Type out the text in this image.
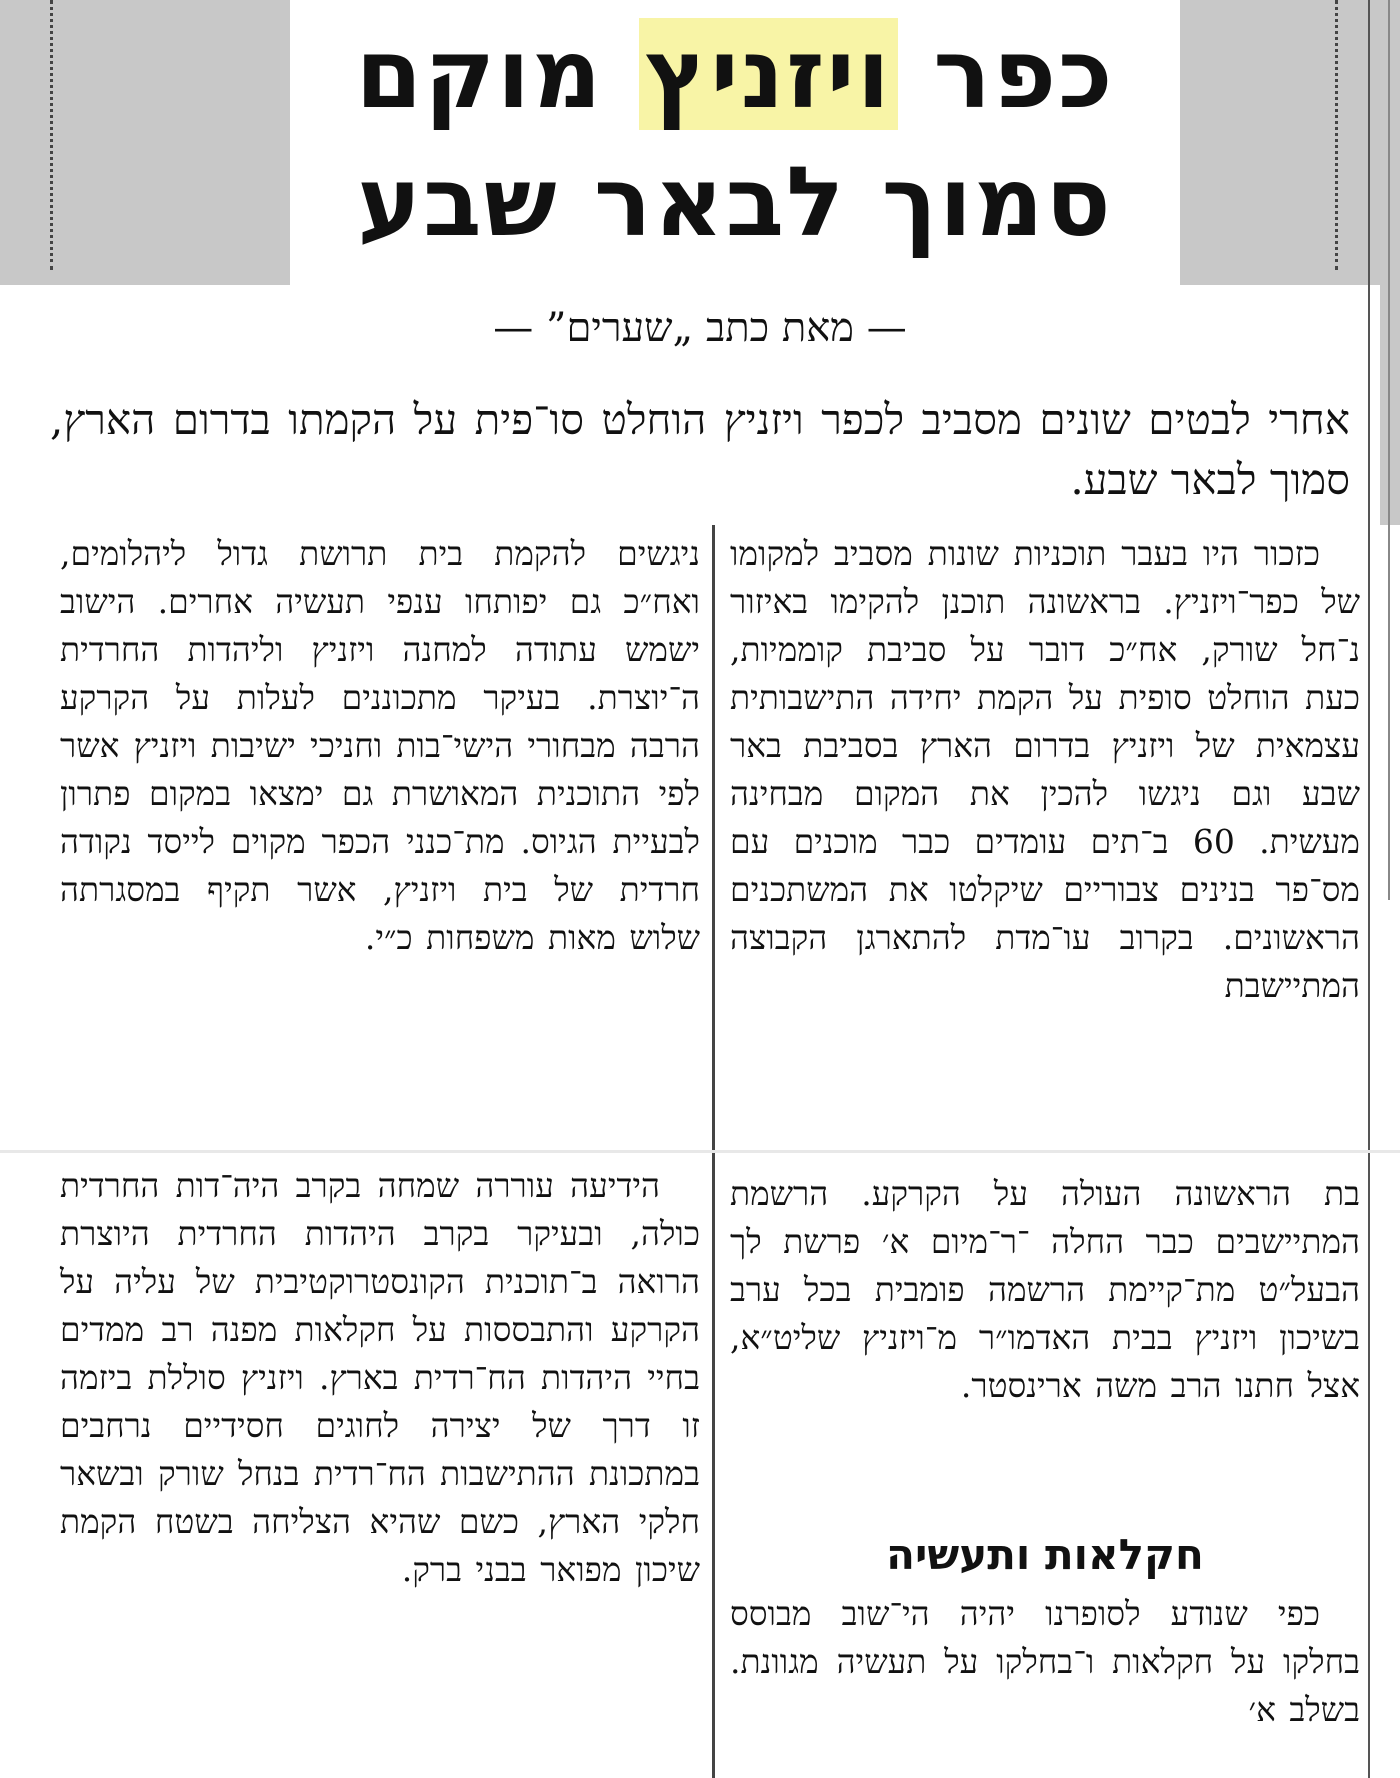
כפר ויזניץ מוקם
סמוך לבאר שבע
— מאת כתב „שערים” —
אחרי לבטים שונים מסביב לכפר ויזניץ הוחלט סו־פית על הקמתו בדרום הארץ, סמוך לבאר שבע.
כזכור היו בעבר תוכניות שונות מסביב למקומו של כפר־ויזניץ. בראשונה תוכנן להקימו באיזור נ־חל שורק, אח״כ דובר על סביבת קוממיות, כעת הוחלט סופית על הקמת יחידה התישבותית עצמאית של ויזניץ בדרום הארץ בסביבת באר שבע וגם ניגשו להכין את המקום מבחינה מעשית. 60 ב־תים עומדים כבר מוכנים עם מס־פר בנינים צבוריים שיקלטו את המשתכנים הראשונים. בקרוב עו־מדת להתארגן הקבוצה המתיישבת
בת הראשונה העולה על הקרקע. הרשמת המתיישבים כבר החלה ־ר־מיום א׳ פרשת לך הבעל״ט מת־קיימת הרשמה פומבית בכל ערב בשיכון ויזניץ בבית האדמו״ר מ־ויזניץ שליט״א, אצל חתנו הרב משה ארינסטר.
חקלאות ותעשיה
כפי שנודע לסופרנו יהיה הי־שוב מבוסס בחלקו על חקלאות ו־בחלקו על תעשיה מגוונת. בשלב א׳
ניגשים להקמת בית תרושת גדול ליהלומים, ואח״כ גם יפותחו ענפי תעשיה אחרים. הישוב ישמש עתודה למחנה ויזניץ וליהדות החרדית ה־יוצרת. בעיקר מתכוננים לעלות על הקרקע הרבה מבחורי הישי־בות וחניכי ישיבות ויזניץ אשר לפי התוכנית המאושרת גם ימצאו במקום פתרון לבעיית הגיוס. מת־כנני הכפר מקוים לייסד נקודה חרדית של בית ויזניץ, אשר תקיף במסגרתה שלוש מאות משפחות כ״י.
הידיעה עוררה שמחה בקרב היה־דות החרדית כולה, ובעיקר בקרב היהדות החרדית היוצרת הרואה ב־תוכנית הקונסטרוקטיבית של עליה על הקרקע והתבססות על חקלאות מפנה רב ממדים בחיי היהדות הח־רדית בארץ. ויזניץ סוללת ביזמה זו דרך של יצירה לחוגים חסידיים נרחבים במתכונת ההתישבות הח־רדית בנחל שורק ובשאר חלקי הארץ, כשם שהיא הצליחה בשטח הקמת שיכון מפואר בבני ברק.
